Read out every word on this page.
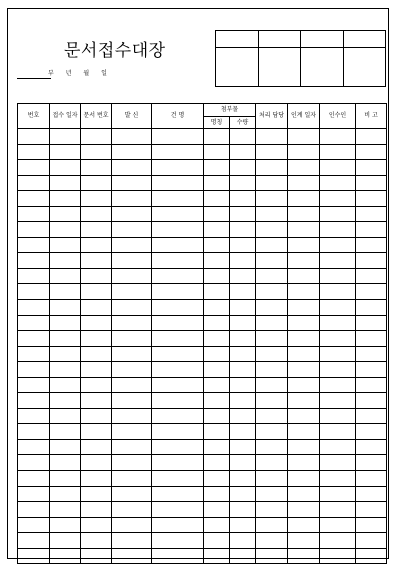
문서접수대장

부 년 월 일
번호	접수 일자	문서 번호	발 신	건 명	첨부물		처리 담당	인계 일자	인수인	비 고
					명칭	수량				
